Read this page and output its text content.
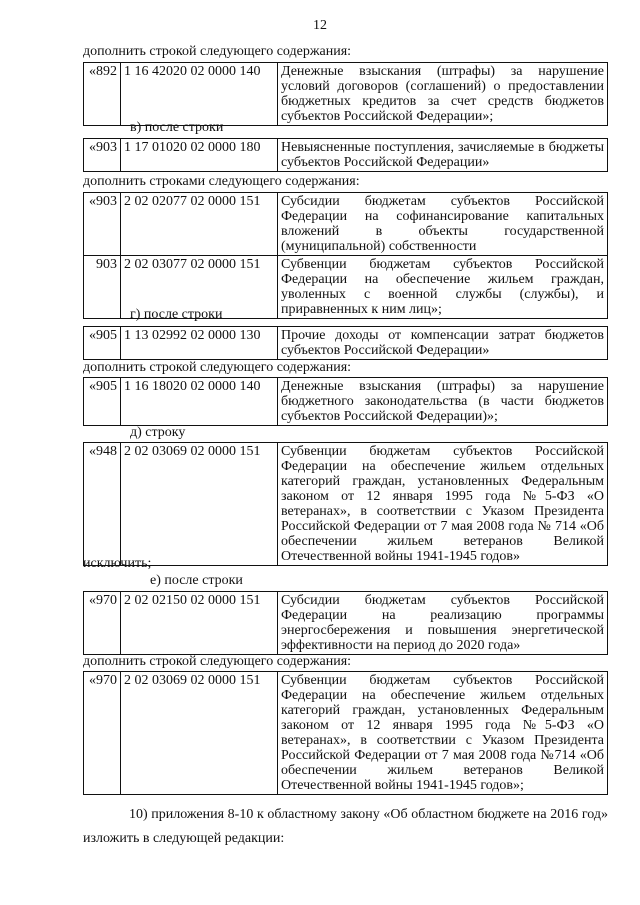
12
дополнить строкой следующего содержания:
«892	1 16 42020 02 0000 140	Денежные взыскания (штрафы) за нарушение условий договоров (соглашений) о предоставлении бюджетных кредитов за счет средств бюджетов субъектов Российской Федерации»;
в) после строки
«903	1 17 01020 02 0000 180	Невыясненные поступления, зачисляемые в бюджеты субъектов Российской Федерации»
дополнить строками следующего содержания:
«903	2 02 02077 02 0000 151	Субсидии бюджетам субъектов Российской Федерации на софинансирование капитальных вложений в объекты государственной (муниципальной) собственности
903	2 02 03077 02 0000 151	Субвенции бюджетам субъектов Российской Федерации на обеспечение жильем граждан, уволенных с военной службы (службы), и приравненных к ним лиц»;
г) после строки
«905	1 13 02992 02 0000 130	Прочие доходы от компенсации затрат бюджетов субъектов Российской Федерации»
дополнить строкой следующего содержания:
«905	1 16 18020 02 0000 140	Денежные взыскания (штрафы) за нарушение бюджетного законодательства (в части бюджетов субъектов Российской Федерации)»;
д) строку
«948	2 02 03069 02 0000 151	Субвенции бюджетам субъектов Российской Федерации на обеспечение жильем отдельных категорий граждан, установленных Федеральным законом от 12 января 1995 года №5-ФЗ «О ветеранах», в соответствии с Указом Президента Российской Федерации от 7 мая 2008 года № 714 «Об обеспечении жильем ветеранов Великой Отечественной войны 1941-1945 годов»
исключить;
е) после строки
«970	2 02 02150 02 0000 151	Субсидии бюджетам субъектов Российской Федерации на реализацию программы энергосбережения и повышения энергетической эффективности на период до 2020 года»
дополнить строкой следующего содержания:
«970	2 02 03069 02 0000 151	Субвенции бюджетам субъектов Российской Федерации на обеспечение жильем отдельных категорий граждан, установленных Федеральным законом от 12 января 1995 года №5-ФЗ «О ветеранах», в соответствии с Указом Президента Российской Федерации от 7 мая 2008 года №714 «Об обеспечении жильем ветеранов Великой Отечественной войны 1941-1945 годов»;
10) приложения 8-10 к областному закону «Об областном бюджете на 2016 год» изложить в следующей редакции:
